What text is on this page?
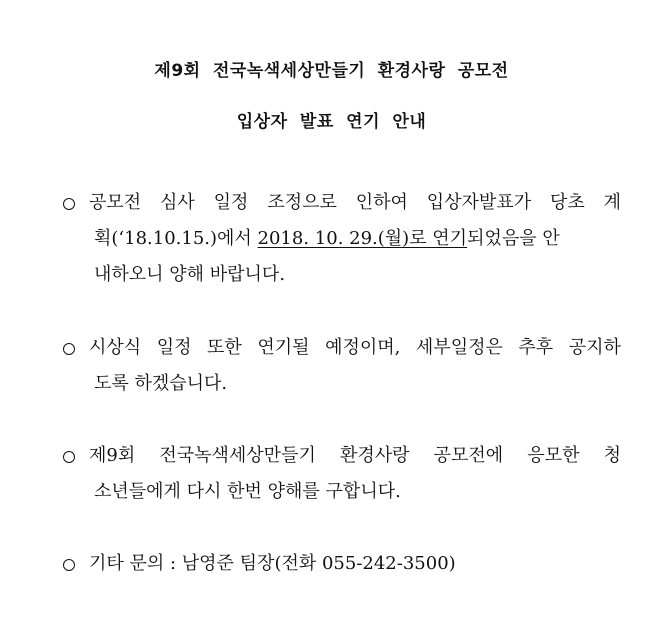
제9회 전국녹색세상만들기 환경사랑 공모전
입상자 발표 연기 안내
공모전 심사 일정 조정으로 인하여 입상자발표가 당초 계
획(‘18.10.15.)에서 2018. 10. 29.(월)로 연기되었음을 안
내하오니 양해 바랍니다.
시상식 일정 또한 연기될 예정이며, 세부일정은 추후 공지하
도록 하겠습니다.
제9회 전국녹색세상만들기 환경사랑 공모전에 응모한 청
소년들에게 다시 한번 양해를 구합니다.
기타 문의 : 남영준 팀장(전화 055-242-3500)
